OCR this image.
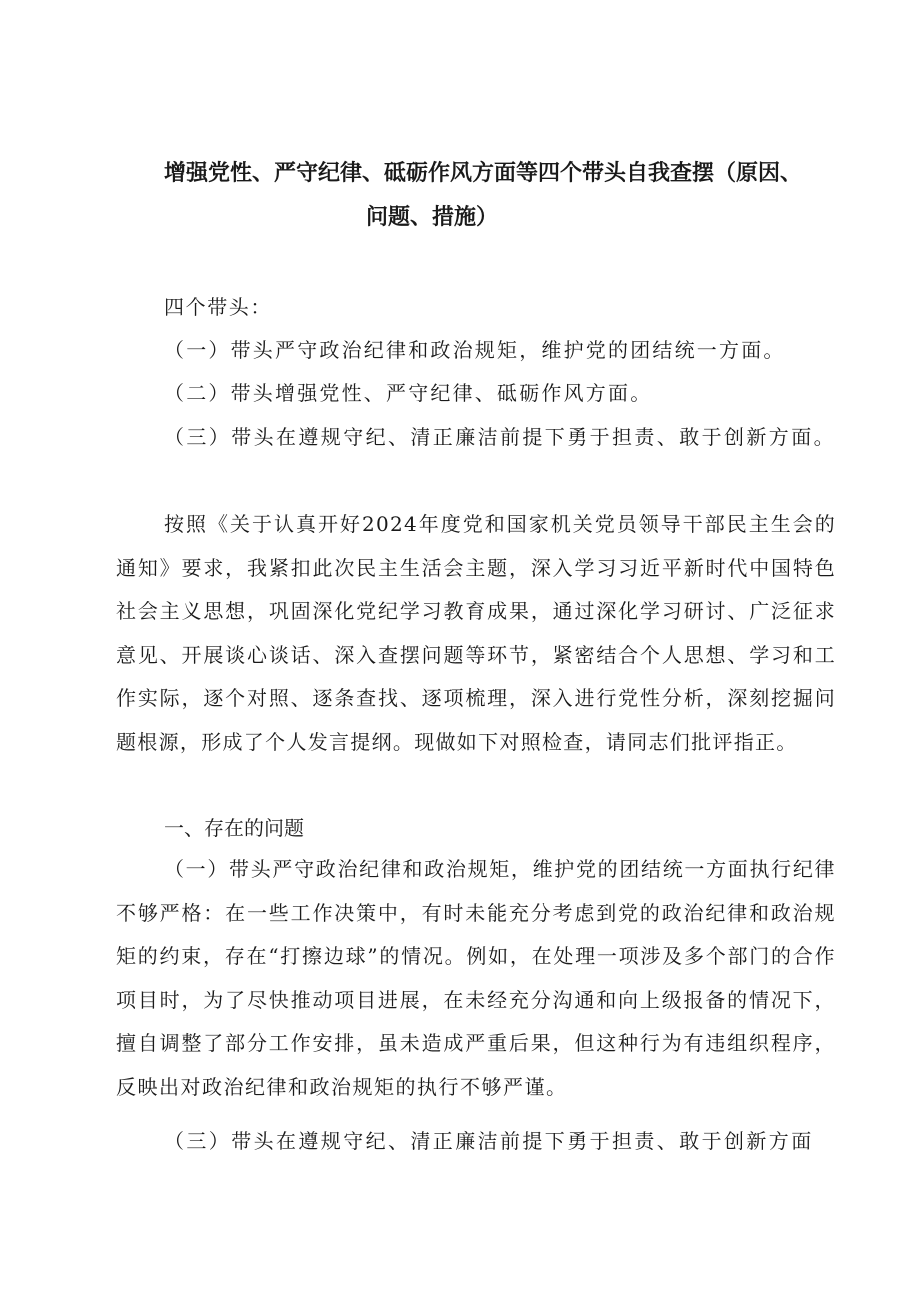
增强党性、严守纪律、砥砺作风方面等四个带头自我查摆（原因、
问题、措施）

四个带头：

（一）带头严守政治纪律和政治规矩，维护党的团结统一方面。

（二）带头增强党性、严守纪律、砥砺作风方面。

（三）带头在遵规守纪、清正廉洁前提下勇于担责、敢于创新方面。

按照《关于认真开好2024年度党和国家机关党员领导干部民主生会的通知》要求，我紧扣此次民主生活会主题，深入学习习近平新时代中国特色社会主义思想，巩固深化党纪学习教育成果，通过深化学习研讨、广泛征求意见、开展谈心谈话、深入查摆问题等环节，紧密结合个人思想、学习和工作实际，逐个对照、逐条查找、逐项梳理，深入进行党性分析，深刻挖掘问题根源，形成了个人发言提纲。现做如下对照检查，请同志们批评指正。

一、存在的问题

（一）带头严守政治纪律和政治规矩，维护党的团结统一方面执行纪律不够严格：在一些工作决策中，有时未能充分考虑到党的政治纪律和政治规矩的约束，存在“打擦边球”的情况。例如，在处理一项涉及多个部门的合作项目时，为了尽快推动项目进展，在未经充分沟通和向上级报备的情况下，擅自调整了部分工作安排，虽未造成严重后果，但这种行为有违组织程序，反映出对政治纪律和政治规矩的执行不够严谨。

（三）带头在遵规守纪、清正廉洁前提下勇于担责、敢于创新方面
